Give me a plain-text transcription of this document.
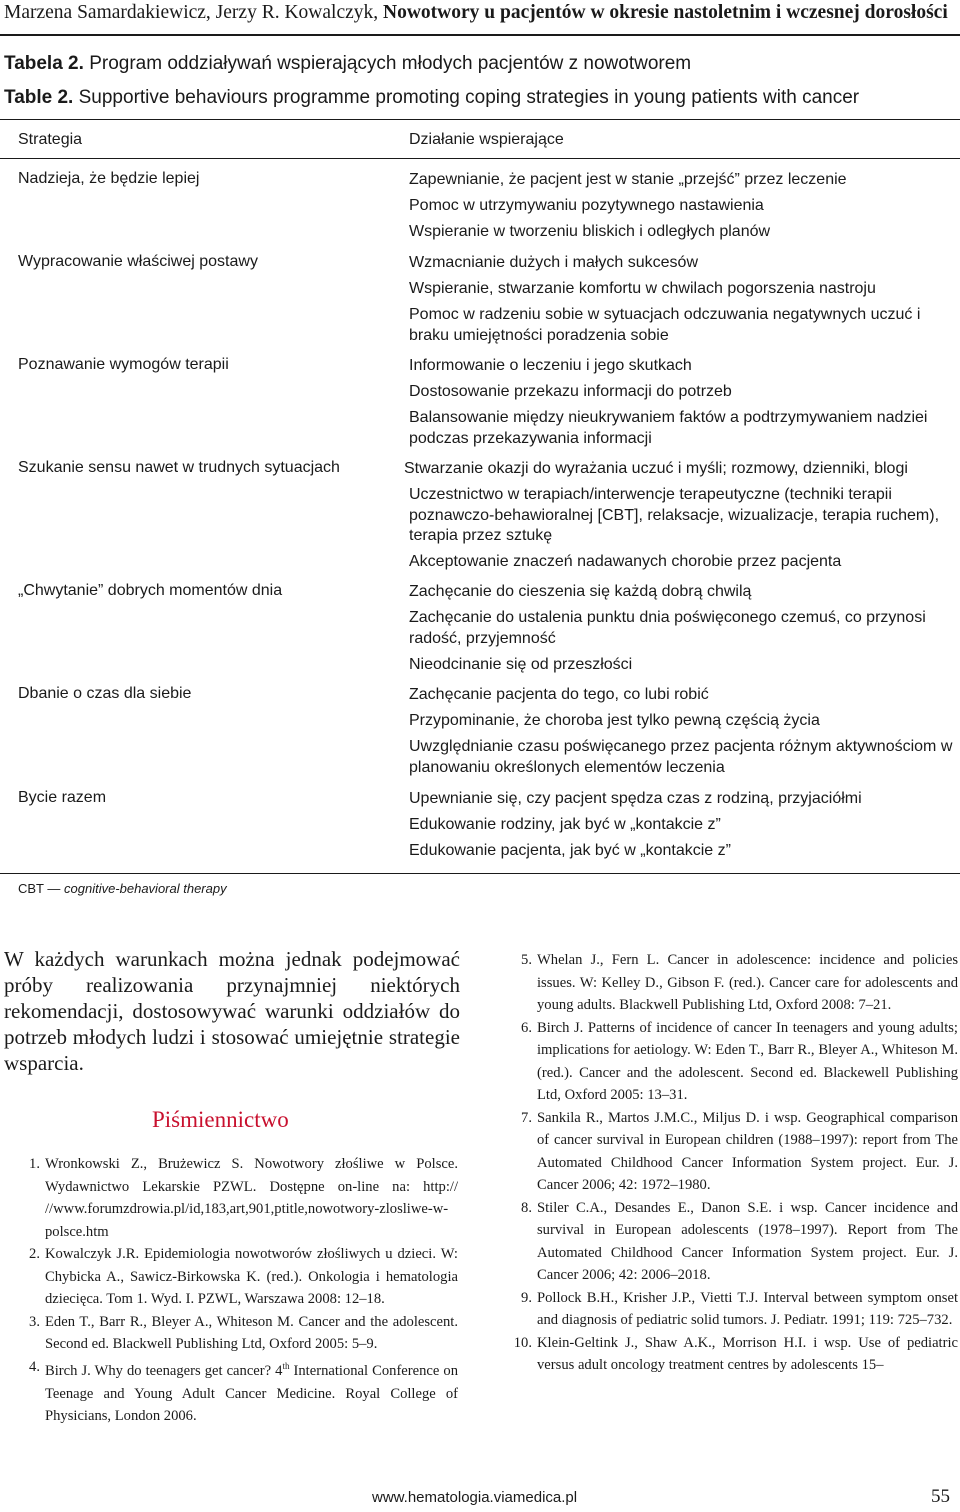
Marzena Samardakiewicz, Jerzy R. Kowalczyk, Nowotwory u pacjentów w okresie nastoletnim i wczesnej dorosłości
Tabela 2. Program oddziaływań wspierających młodych pacjentów z nowotworem
Table 2. Supportive behaviours programme promoting coping strategies in young patients with cancer
Strategia	Działanie wspierające
Nadzieja, że będzie lepiej	Zapewnianie, że pacjent jest w stanie „przejść” przez leczenie
Pomoc w utrzymywaniu pozytywnego nastawienia
Wspieranie w tworzeniu bliskich i odległych planów
Wypracowanie właściwej postawy	Wzmacnianie dużych i małych sukcesów
Wspieranie, stwarzanie komfortu w chwilach pogorszenia nastroju
Pomoc w radzeniu sobie w sytuacjach odczuwania negatywnych uczuć i braku umiejętności poradzenia sobie
Poznawanie wymogów terapii	Informowanie o leczeniu i jego skutkach
Dostosowanie przekazu informacji do potrzeb
Balansowanie między nieukrywaniem faktów a podtrzymywaniem nadziei podczas przekazywania informacji
Szukanie sensu nawet w trudnych sytuacjach	Stwarzanie okazji do wyrażania uczuć i myśli; rozmowy, dzienniki, blogi
Uczestnictwo w terapiach/interwencje terapeutyczne (techniki terapii poznawczo-behawioralnej [CBT], relaksacje, wizualizacje, terapia ruchem), terapia przez sztukę
Akceptowanie znaczeń nadawanych chorobie przez pacjenta
„Chwytanie” dobrych momentów dnia	Zachęcanie do cieszenia się każdą dobrą chwilą
Zachęcanie do ustalenia punktu dnia poświęconego czemuś, co przynosi radość, przyjemność
Nieodcinanie się od przeszłości
Dbanie o czas dla siebie	Zachęcanie pacjenta do tego, co lubi robić
Przypominanie, że choroba jest tylko pewną częścią życia
Uwzględnianie czasu poświęcanego przez pacjenta różnym aktywnościom w planowaniu określonych elementów leczenia
Bycie razem	Upewnianie się, czy pacjent spędza czas z rodziną, przyjaciółmi
Edukowanie rodziny, jak być w „kontakcie z”
Edukowanie pacjenta, jak być w „kontakcie z”
CBT — cognitive-behavioral therapy
W każdych warunkach można jednak podejmować próby realizowania przynajmniej niektórych rekomendacji, dostosowywać warunki oddziałów do potrzeb młodych ludzi i stosować umiejętnie strategie wsparcia.
Piśmiennictwo

1. Wronkowski Z., Brużewicz S. Nowotwory złośliwe w Polsce. Wydawnictwo Lekarskie PZWL. Dostępne on-line na: http:// //www.forumzdrowia.pl/id,183,art,901,ptitle,nowotwory-zlosliwe-w-polsce.htm

2. Kowalczyk J.R. Epidemiologia nowotworów złośliwych u dzieci. W: Chybicka A., Sawicz-Birkowska K. (red.). Onkologia i hematologia dziecięca. Tom 1. Wyd. I. PZWL, Warszawa 2008: 12–18.

3. Eden T., Barr R., Bleyer A., Whiteson M. Cancer and the adolescent. Second ed. Blackwell Publishing Ltd, Oxford 2005: 5–9.

4. Birch J. Why do teenagers get cancer? 4th International Conference on Teenage and Young Adult Cancer Medicine. Royal College of Physicians, London 2006.

5. Whelan J., Fern L. Cancer in adolescence: incidence and policies issues. W: Kelley D., Gibson F. (red.). Cancer care for adolescents and young adults. Blackwell Publishing Ltd, Oxford 2008: 7–21.

6. Birch J. Patterns of incidence of cancer In teenagers and young adults; implications for aetiology. W: Eden T., Barr R., Bleyer A., Whiteson M. (red.). Cancer and the adolescent. Second ed. Blackewell Publishing Ltd, Oxford 2005: 13–31.

7. Sankila R., Martos J.M.C., Miljus D. i wsp. Geographical comparison of cancer survival in European children (1988–1997): report from The Automated Childhood Cancer Information System project. Eur. J. Cancer 2006; 42: 1972–1980.

8. Stiler C.A., Desandes E., Danon S.E. i wsp. Cancer incidence and survival in European adolescents (1978–1997). Report from The Automated Childhood Cancer Information System project. Eur. J. Cancer 2006; 42: 2006–2018.

9. Pollock B.H., Krisher J.P., Vietti T.J. Interval between symptom onset and diagnosis of pediatric solid tumors. J. Pediatr. 1991; 119: 725–732.

10. Klein-Geltink J., Shaw A.K., Morrison H.I. i wsp. Use of pediatric versus adult oncology treatment centres by adolescents 15–

www.hematologia.viamedica.pl	55
